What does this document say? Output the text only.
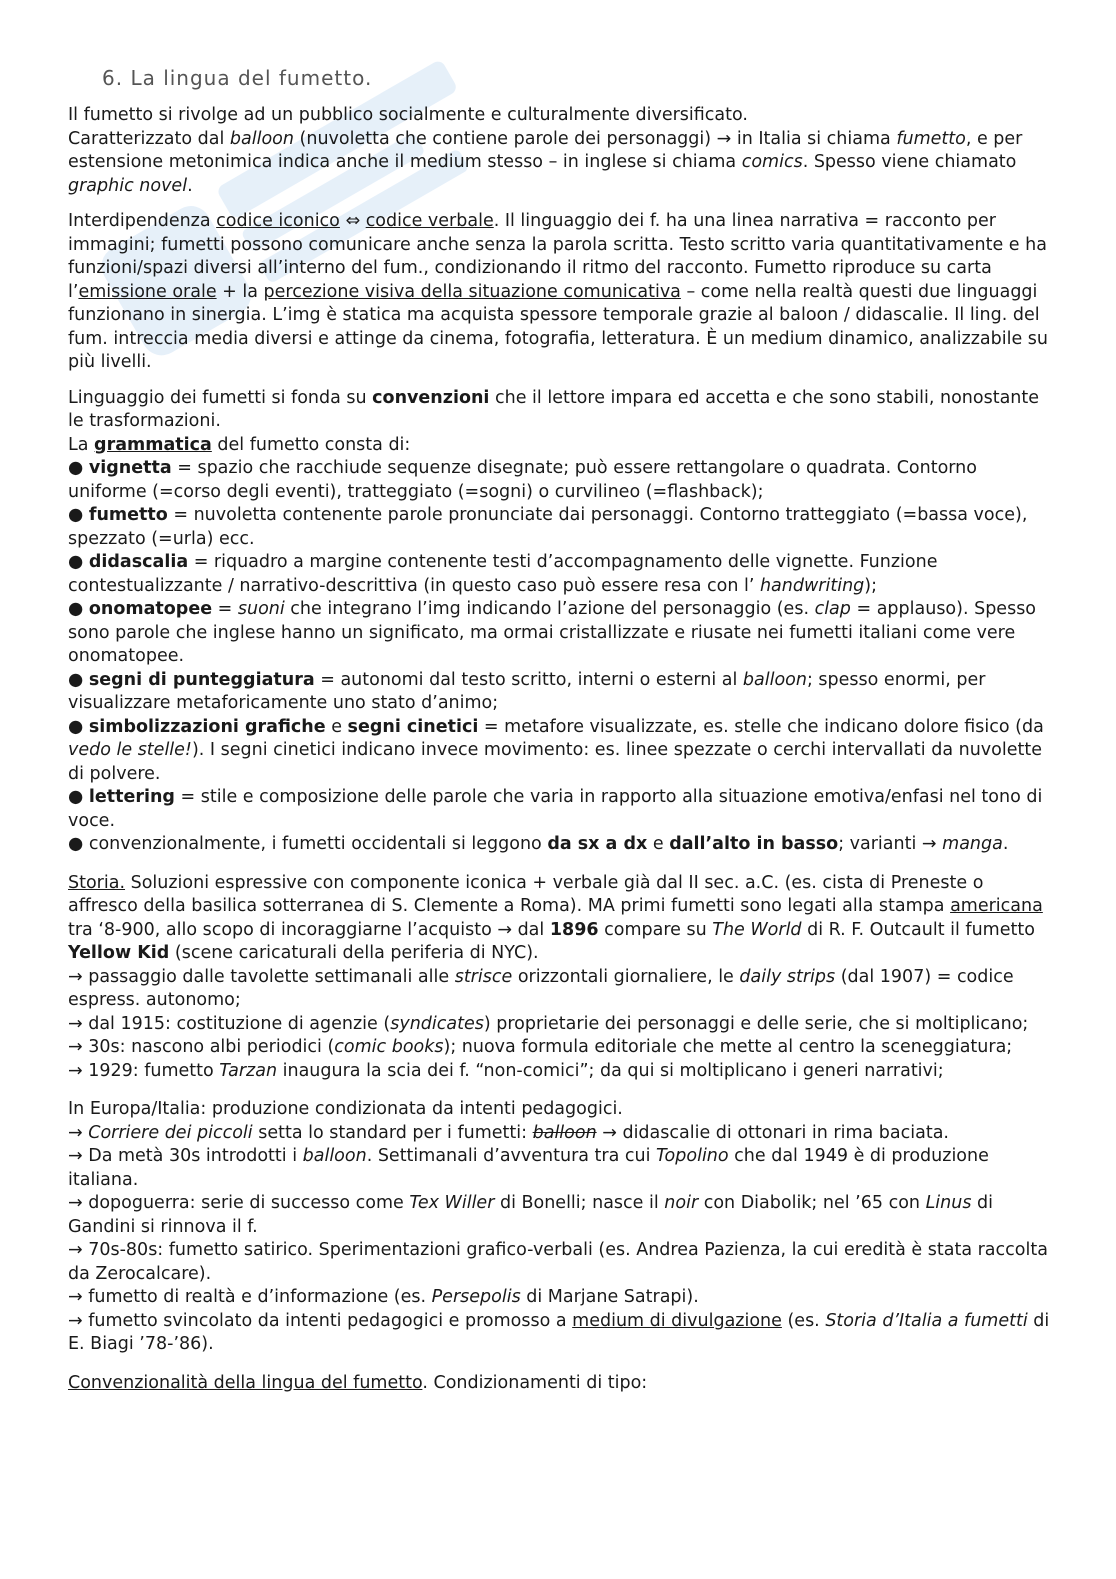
6. La lingua del fumetto.

Il fumetto si rivolge ad un pubblico socialmente e culturalmente diversificato.
Caratterizzato dal balloon (nuvoletta che contiene parole dei personaggi) → in Italia si chiama fumetto, e per estensione metonimica indica anche il medium stesso – in inglese si chiama comics. Spesso viene chiamato graphic novel.

Interdipendenza codice iconico ⇔ codice verbale. Il linguaggio dei f. ha una linea narrativa = racconto per immagini; fumetti possono comunicare anche senza la parola scritta. Testo scritto varia quantitativamente e ha funzioni/spazi diversi all’interno del fum., condizionando il ritmo del racconto. Fumetto riproduce su carta l’emissione orale + la percezione visiva della situazione comunicativa – come nella realtà questi due linguaggi funzionano in sinergia. L’img è statica ma acquista spessore temporale grazie al baloon / didascalie. Il ling. del fum. intreccia media diversi e attinge da cinema, fotografia, letteratura. È un medium dinamico, analizzabile su più livelli.

Linguaggio dei fumetti si fonda su convenzioni che il lettore impara ed accetta e che sono stabili, nonostante le trasformazioni.

La grammatica del fumetto consta di:

● vignetta = spazio che racchiude sequenze disegnate; può essere rettangolare o quadrata. Contorno uniforme (=corso degli eventi), tratteggiato (=sogni) o curvilineo (=flashback);

● fumetto = nuvoletta contenente parole pronunciate dai personaggi. Contorno tratteggiato (=bassa voce), spezzato (=urla) ecc.

● didascalia = riquadro a margine contenente testi d’accompagnamento delle vignette. Funzione contestualizzante / narrativo-descrittiva (in questo caso può essere resa con l’ handwriting);

● onomatopee = suoni che integrano l’img indicando l’azione del personaggio (es. clap = applauso). Spesso sono parole che inglese hanno un significato, ma ormai cristallizzate e riusate nei fumetti italiani come vere onomatopee.

● segni di punteggiatura = autonomi dal testo scritto, interni o esterni al balloon; spesso enormi, per visualizzare metaforicamente uno stato d’animo;

● simbolizzazioni grafiche e segni cinetici = metafore visualizzate, es. stelle che indicano dolore fisico (da vedo le stelle!). I segni cinetici indicano invece movimento: es. linee spezzate o cerchi intervallati da nuvolette di polvere.

● lettering = stile e composizione delle parole che varia in rapporto alla situazione emotiva/enfasi nel tono di voce.

● convenzionalmente, i fumetti occidentali si leggono da sx a dx e dall’alto in basso; varianti → manga.

Storia. Soluzioni espressive con componente iconica + verbale già dal II sec. a.C. (es. cista di Preneste o affresco della basilica sotterranea di S. Clemente a Roma). MA primi fumetti sono legati alla stampa americana tra ‘8-900, allo scopo di incoraggiarne l’acquisto → dal 1896 compare su The World di R. F. Outcault il fumetto Yellow Kid (scene caricaturali della periferia di NYC).

→ passaggio dalle tavolette settimanali alle strisce orizzontali giornaliere, le daily strips (dal 1907) = codice espress. autonomo;

→ dal 1915: costituzione di agenzie (syndicates) proprietarie dei personaggi e delle serie, che si moltiplicano;

→ 30s: nascono albi periodici (comic books); nuova formula editoriale che mette al centro la sceneggiatura;

→ 1929: fumetto Tarzan inaugura la scia dei f. “non-comici”; da qui si moltiplicano i generi narrativi;

In Europa/Italia: produzione condizionata da intenti pedagogici.

→ Corriere dei piccoli setta lo standard per i fumetti: balloon → didascalie di ottonari in rima baciata.

→ Da metà 30s introdotti i balloon. Settimanali d’avventura tra cui Topolino che dal 1949 è di produzione italiana.

→ dopoguerra: serie di successo come Tex Willer di Bonelli; nasce il noir con Diabolik; nel ’65 con Linus di Gandini si rinnova il f.

→ 70s-80s: fumetto satirico. Sperimentazioni grafico-verbali (es. Andrea Pazienza, la cui eredità è stata raccolta da Zerocalcare).

→ fumetto di realtà e d’informazione (es. Persepolis di Marjane Satrapi).

→ fumetto svincolato da intenti pedagogici e promosso a medium di divulgazione (es. Storia d’Italia a fumetti di E. Biagi ’78-’86).

Convenzionalità della lingua del fumetto. Condizionamenti di tipo:
